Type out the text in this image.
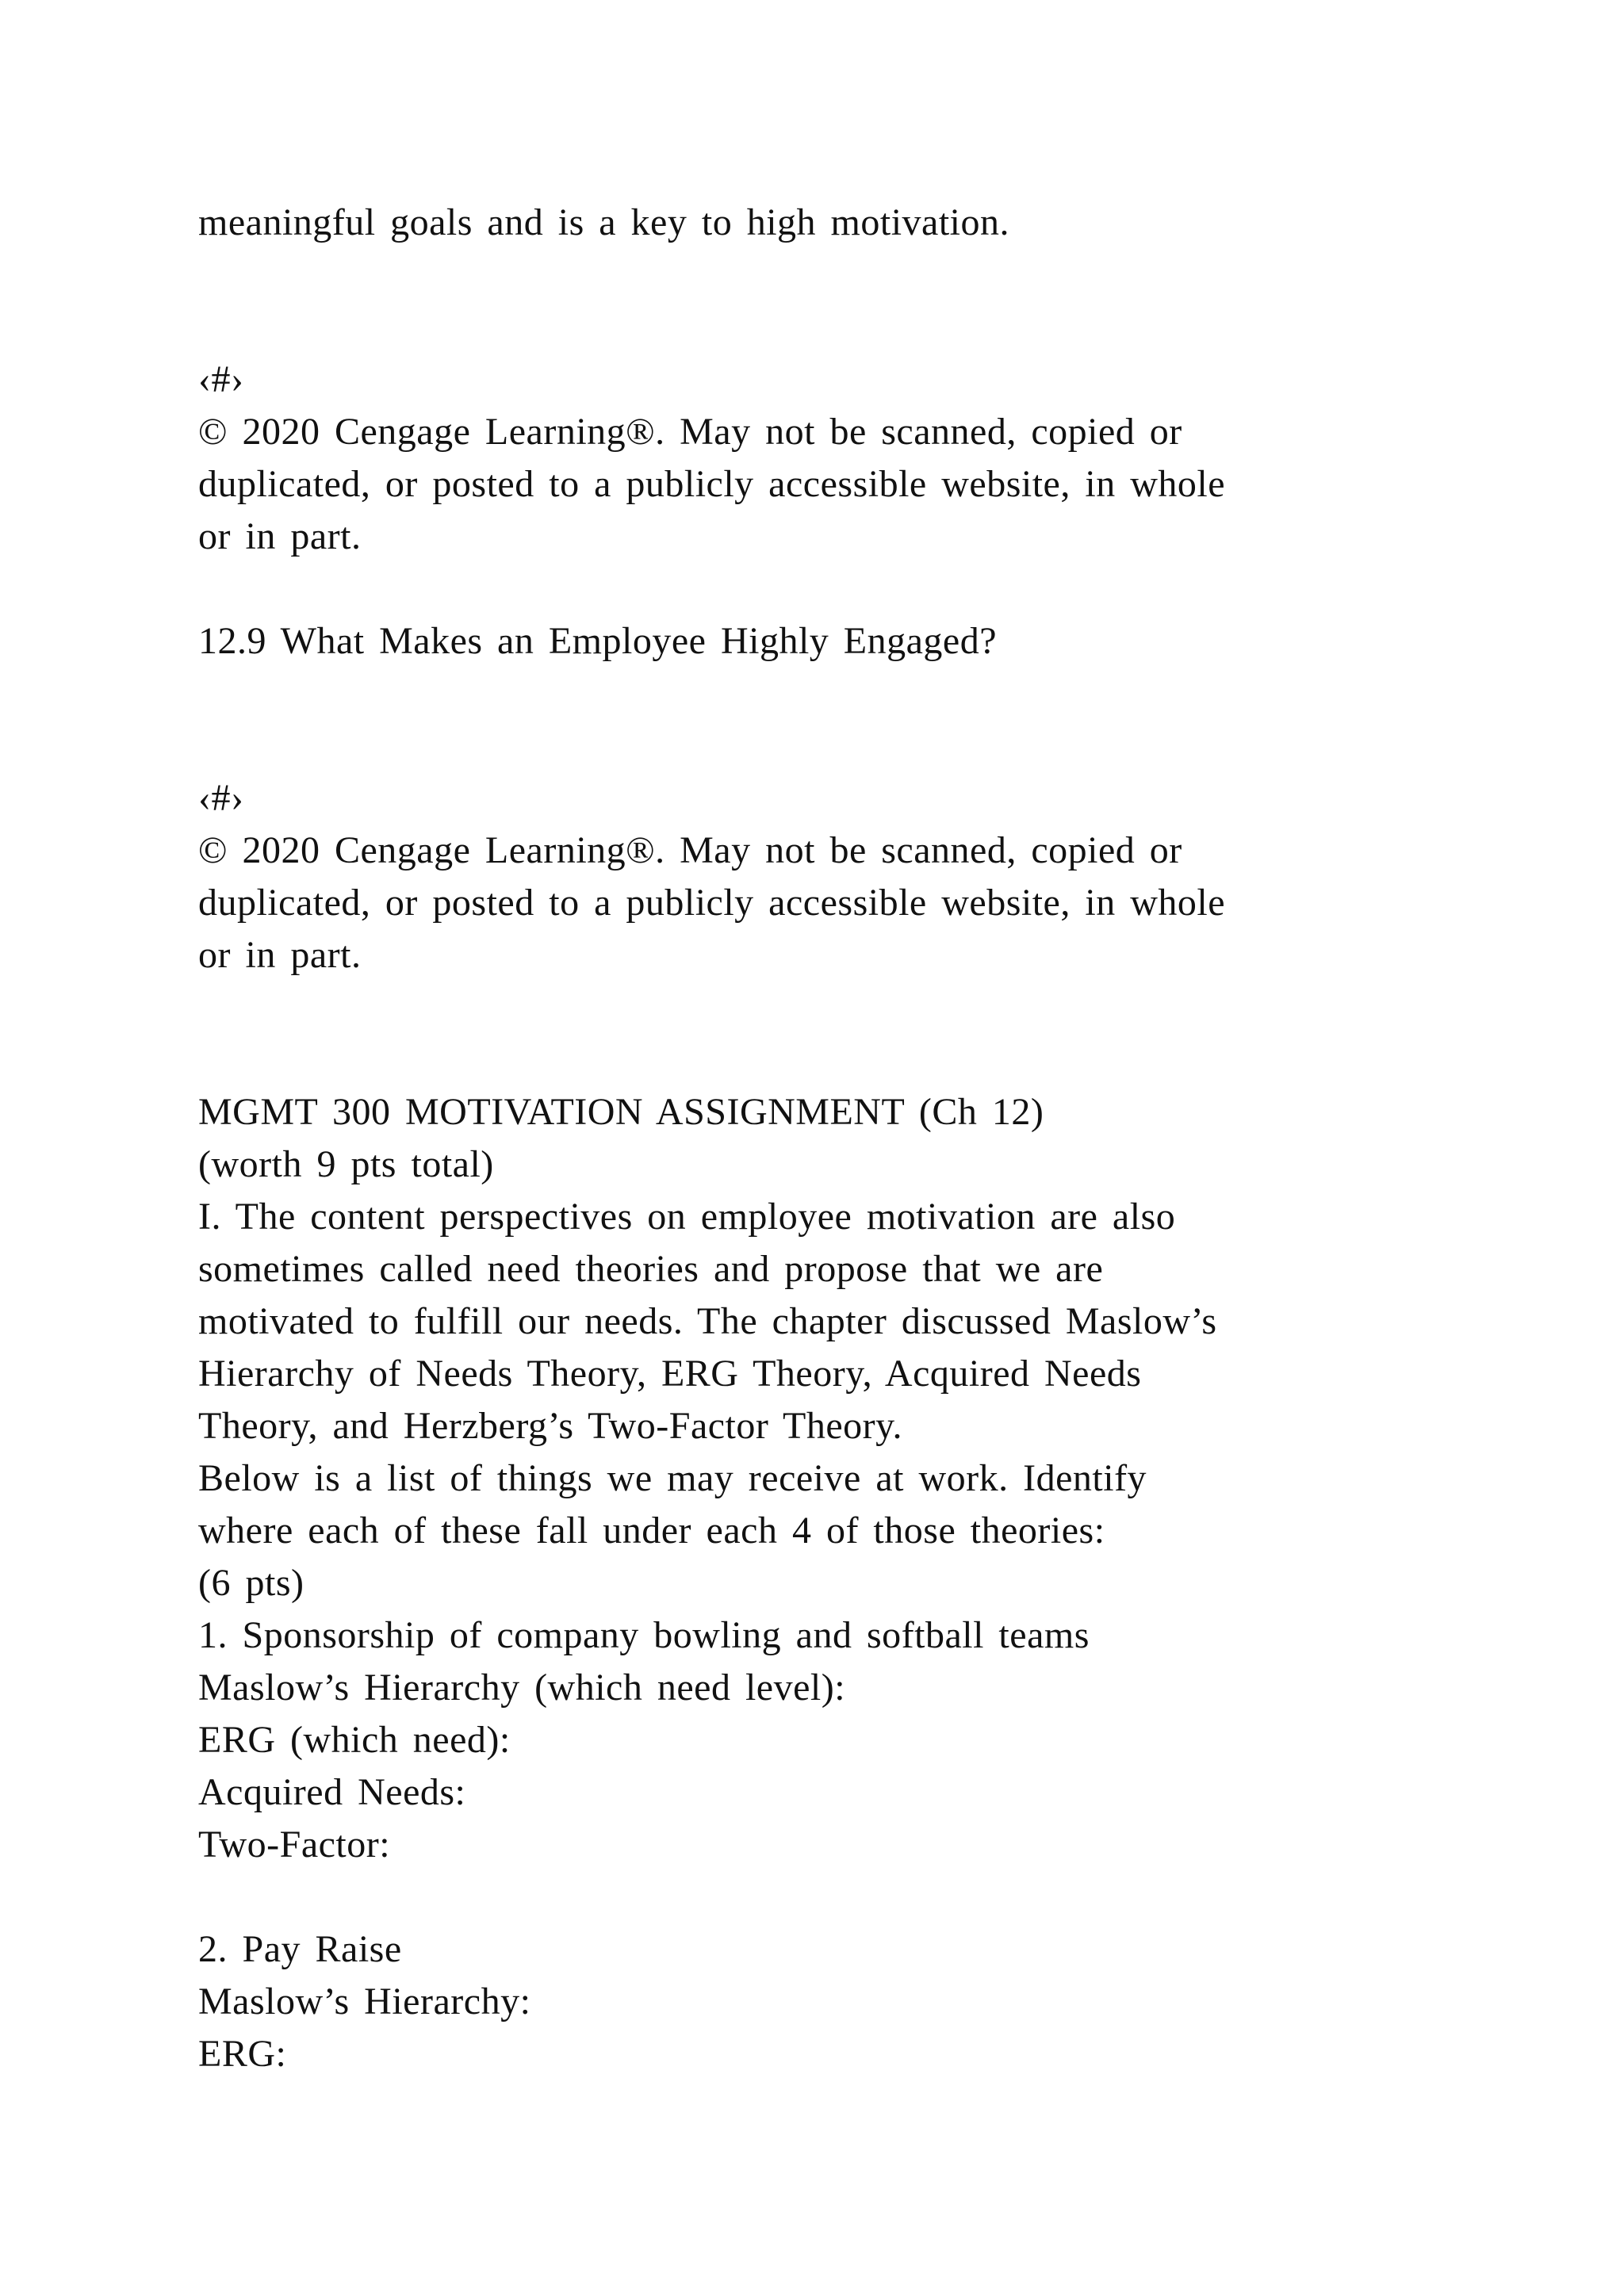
meaningful goals and is a key to high motivation.
‹#›
© 2020 Cengage Learning®. May not be scanned, copied or
duplicated, or posted to a publicly accessible website, in whole
or in part.
12.9 What Makes an Employee Highly Engaged?
‹#›
© 2020 Cengage Learning®. May not be scanned, copied or
duplicated, or posted to a publicly accessible website, in whole
or in part.
MGMT 300 MOTIVATION ASSIGNMENT (Ch 12)
(worth 9 pts total)
I. The content perspectives on employee motivation are also
sometimes called need theories and propose that we are
motivated to fulfill our needs. The chapter discussed Maslow’s
Hierarchy of Needs Theory, ERG Theory, Acquired Needs
Theory, and Herzberg’s Two-Factor Theory.
Below is a list of things we may receive at work. Identify
where each of these fall under each 4 of those theories:
(6 pts)
1. Sponsorship of company bowling and softball teams
Maslow’s Hierarchy (which need level):
ERG (which need):
Acquired Needs:
Two-Factor:
2. Pay Raise
Maslow’s Hierarchy:
ERG:
